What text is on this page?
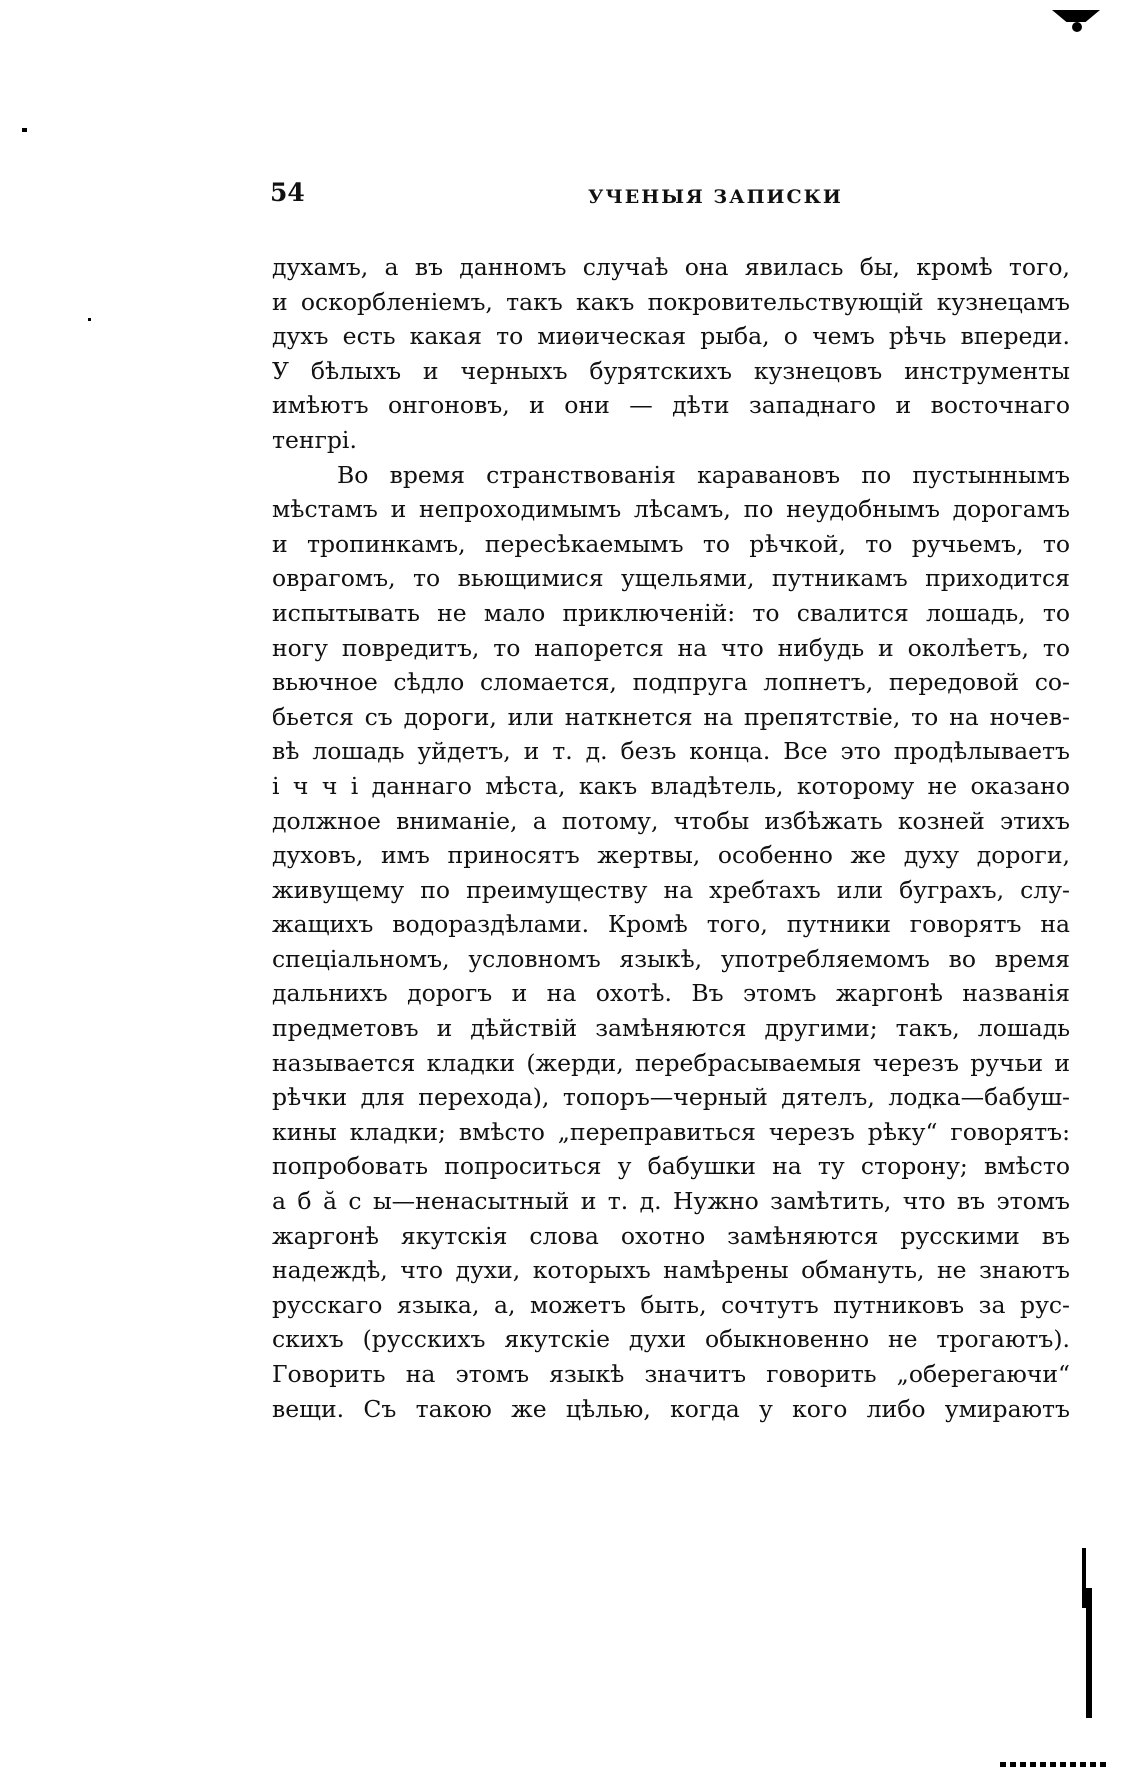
54	УЧЕНЫЯ ЗАПИСКИ
духамъ, а въ данномъ случаѣ она явилась бы, кромѣ того,
и оскорбленіемъ, такъ какъ покровительствующій кузнецамъ
духъ есть какая то миѳическая рыба, о чемъ рѣчь впереди.
У бѣлыхъ и черныхъ бурятскихъ кузнецовъ инструменты
имѣютъ онгоновъ, и они — дѣти западнаго и восточнаго
тенгрі.
Во время странствованія каравановъ по пустыннымъ
мѣстамъ и непроходимымъ лѣсамъ, по неудобнымъ дорогамъ
и тропинкамъ, пересѣкаемымъ то рѣчкой, то ручьемъ, то
оврагомъ, то вьющимися ущельями, путникамъ приходится
испытывать не мало приключеній: то свалится лошадь, то
ногу повредитъ, то напорется на что нибудь и околѣетъ, то
вьючное сѣдло сломается, подпруга лопнетъ, передовой со-
бьется съ дороги, или наткнется на препятствіе, то на ночев-
вѣ лошадь уйдетъ, и т. д. безъ конца. Все это продѣлываетъ
і ч ч і даннаго мѣста, какъ владѣтель, которому не оказано
должное вниманіе, а потому, чтобы избѣжать козней этихъ
духовъ, имъ приносятъ жертвы, особенно же духу дороги,
живущему по преимуществу на хребтахъ или буграхъ, слу-
жащихъ водораздѣлами. Кромѣ того, путники говорятъ на
спеціальномъ, условномъ языкѣ, употребляемомъ во время
дальнихъ дорогъ и на охотѣ. Въ этомъ жаргонѣ названія
предметовъ и дѣйствій замѣняются другими; такъ, лошадь
называется кладки (жерди, перебрасываемыя черезъ ручьи и
рѣчки для перехода), топоръ—черный дятелъ, лодка—бабуш-
кины кладки; вмѣсто „переправиться черезъ рѣку“ говорятъ:
попробовать попроситься у бабушки на ту сторону; вмѣсто
а б ӑ с ы—ненасытный и т. д. Нужно замѣтить, что въ этомъ
жаргонѣ якутскія слова охотно замѣняются русскими въ
надеждѣ, что духи, которыхъ намѣрены обмануть, не знаютъ
русскаго языка, а, можетъ быть, сочтутъ путниковъ за рус-
скихъ (русскихъ якутскіе духи обыкновенно не трогаютъ).
Говорить на этомъ языкѣ значитъ говорить „оберегаючи“
вещи. Съ такою же цѣлью, когда у кого либо умираютъ
